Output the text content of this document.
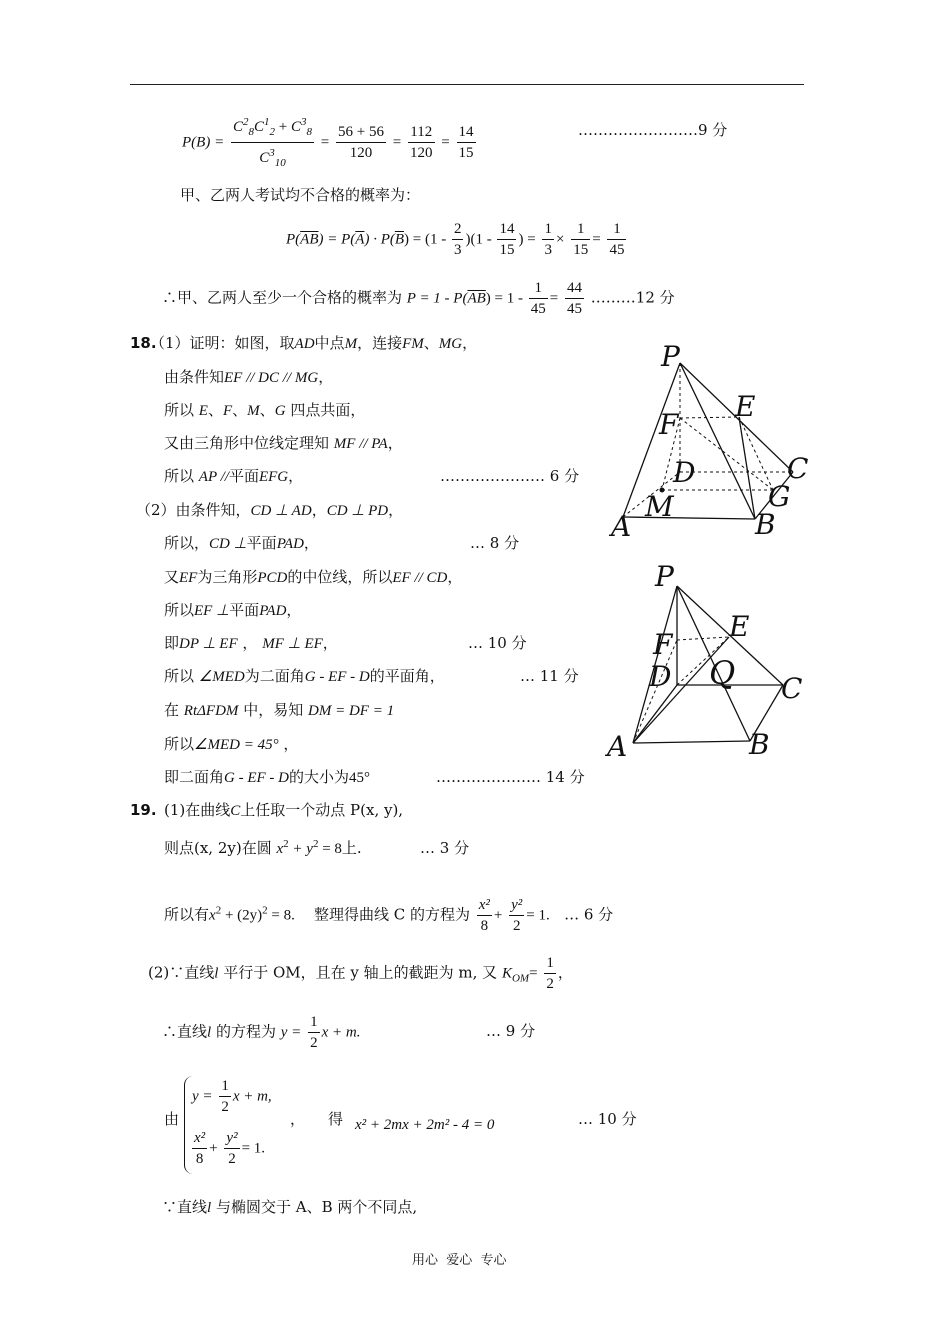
$P(B) = \frac{C^2_8C^1_2 + C^3_8}{C^3_{10}} = \frac{56 + 56}{120} = \frac{112}{120} = \frac{14}{15}$	……………………9 分
甲、乙两人考试均不合格的概率为：
$P(\overline{AB}) = P(\overline{A}) \cdot P(\overline{B}) = (1 - \frac{2}{3} )(1 - \frac{14}{15}$ ) = $\frac{1}{3} \times \frac{1}{15} = \frac{1}{45}$
∴甲、乙两人至少一个合格的概率为 $P = 1 - P(\overline{AB}) = 1 - \frac{1}{45} = \frac{44}{45}$ ………12 分
18.
（1）证明：如图，取AD中点M，连接FM、MG，
由条件知EF // DC // MG，
所以 E、F、M、G 四点共面，
又由三角形中位线定理知 MF // PA，
所以 AP //平面EFG，	………………… 6 分
（2）由条件知，CD ⊥ AD，CD ⊥ PD，
所以，CD ⊥平面PAD，	… 8 分
又EF为三角形PCD的中位线，所以EF // CD，
所以EF ⊥平面PAD，
即DP ⊥ EF ， MF ⊥ EF，	… 10 分
所以 ∠MED为二面角G - EF - D的平面角，	… 11 分
在 RtΔFDM 中，易知 DM = DF = 1
所以∠MED = 45° ，
即二面角G - EF - D的大小为45°	………………… 14 分
P
E
F
D	C
M	G
A	B
P
E
F
D Q C
A	B
19. (1)在曲线C上任取一个动点 P(x, y),
则点(x, 2y)在圆 $x^2 + y^2 = 8$上.	… 3 分
所以有$x^2 + (2y)^2 = 8$. 整理得曲线 C 的方程为 $\frac{\text{x²}}{8} + \frac{\text{y²}}{2} = 1$. … 6 分
(2)∵直线l 平行于 OM，且在 y 轴上的截距为 m, 又 $K_{OM}= \frac{1}{2}$ ，
∴直线l 的方程为 $y = \frac{1}{2}$ x + m.	… 9 分
由
$y = \frac{1}{2}$ x + m,
$\frac{\text{x²}}{8} + \frac{\text{y²}}{2} = 1$.
， 得 x² + 2mx + 2m² - 4 = 0	… 10 分
∵直线l 与椭圆交于 A、B 两个不同点,
用心  爱心  专心
